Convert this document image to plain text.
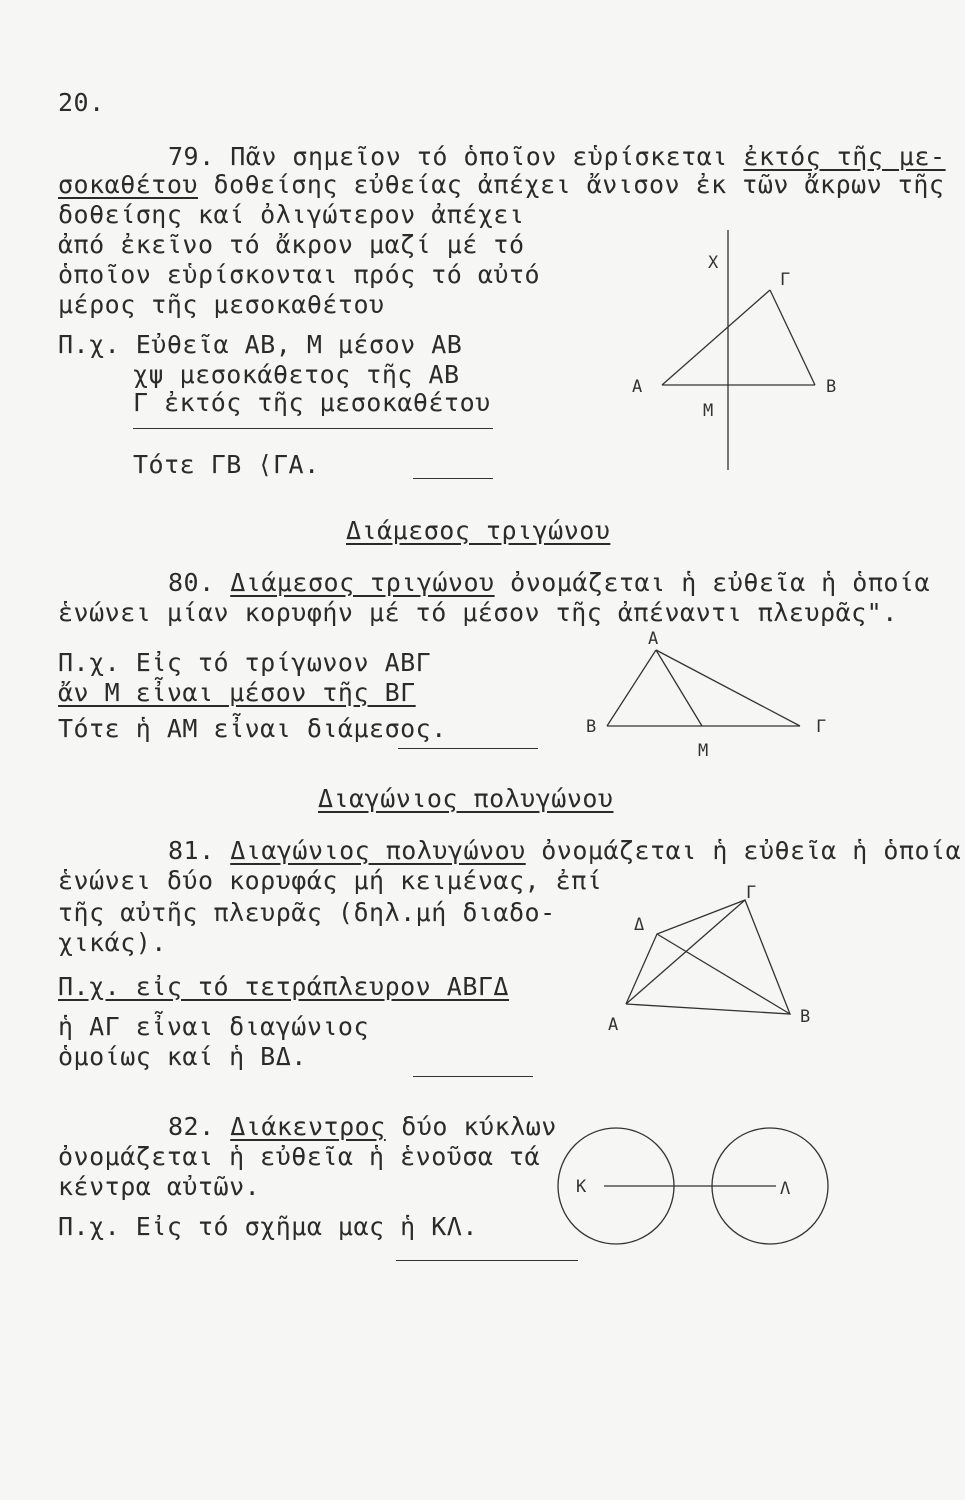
20.
79. Πᾶν σημεῖον τό ὁποῖον εὑρίσκεται ἐκτός τῆς με-
σοκαθέτου δοθείσης εὐθείας ἀπέχει ἄνισον ἐκ τῶν ἄκρων τῆς
δοθείσης καί ὀλιγώτερον ἀπέχει
ἀπό ἐκεῖνο τό ἄκρον μαζί μέ τό
ὁποῖον εὑρίσκονται πρός τό αὐτό
μέρος τῆς μεσοκαθέτου
Π.χ. Εὐθεῖα ΑΒ, Μ μέσον ΑΒ
χψ μεσοκάθετος τῆς ΑΒ
Γ ἐκτός τῆς μεσοκαθέτου
Τότε ΓΒ ⟨ΓΑ.
Χ
Γ
Α	Β
Μ
Διάμεσος τριγώνου
80. Διάμεσος τριγώνου ὀνομάζεται ἡ εὐθεῖα ἡ ὁποία
ἑνώνει μίαν κορυφήν μέ τό μέσον τῆς ἀπέναντι πλευρᾶς".
Π.χ. Εἰς τό τρίγωνον ΑΒΓ
ἄν Μ εἶναι μέσον τῆς ΒΓ
Τότε ἡ ΑΜ εἶναι διάμεσος.
Α
Β	Γ
Μ
Διαγώνιος πολυγώνου
81. Διαγώνιος πολυγώνου ὀνομάζεται ἡ εὐθεῖα ἡ ὁποία
ἑνώνει δύο κορυφάς μή κειμένας, ἐπί
τῆς αὐτῆς πλευρᾶς (δηλ.μή διαδο-
χικάς).
Π.χ. εἰς τό τετράπλευρον ΑΒΓΔ
ἡ ΑΓ εἶναι διαγώνιος
ὁμοίως καί ἡ ΒΔ.
Α	Β
Γ
Δ
82. Διάκεντρος δύο κύκλων
ὀνομάζεται ἡ εὐθεῖα ἡ ἑνοῦσα τά
κέντρα αὐτῶν.
Π.χ. Εἰς τό σχῆμα μας ἡ ΚΛ.
Κ	Λ
